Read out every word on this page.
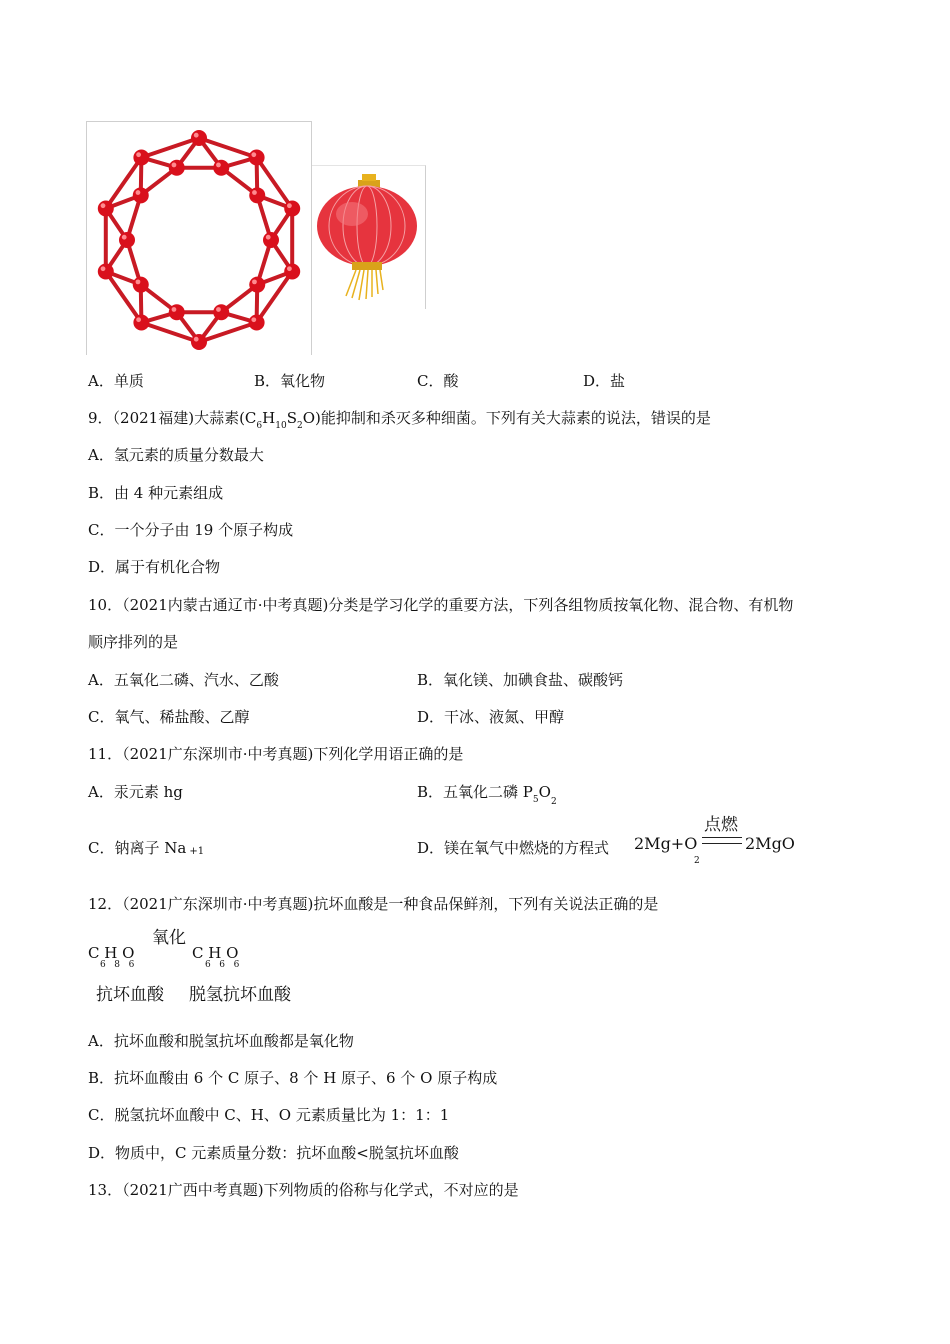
A．单质	B．氧化物	C．酸	D．盐
9．（2021福建)大蒜素$(C_6H_{10}S_2O)$能抑制和杀灭多种细菌。下列有关大蒜素的说法，错误的是
A．氢元素的质量分数最大
B．由 4 种元素组成
C．一个分子由 19 个原子构成
D．属于有机化合物
10．（2021内蒙古通辽市·中考真题)分类是学习化学的重要方法，下列各组物质按氧化物、混合物、有机物
顺序排列的是
A．五氧化二磷、汽水、乙酸	B．氧化镁、加碘食盐、碳酸钙
C．氧气、稀盐酸、乙醇	D．干冰、液氮、甲醇
11．（2021广东深圳市·中考真题)下列化学用语正确的是
A．汞元素 hg	B．五氧化二磷 $P_5O_2$
C．钠离子 Na +1	D．镁在氧气中燃烧的方程式 2Mg+O
2
点燃
2MgO
12．（2021广东深圳市·中考真题)抗坏血酸是一种食品保鲜剂，下列有关说法正确的是
C H O
6   8   6
氧化
C H O
6   6   6
抗坏血酸 脱氢抗坏血酸
A．抗坏血酸和脱氢抗坏血酸都是氧化物
B．抗坏血酸由 6 个 C 原子、8 个 H 原子、6 个 O 原子构成
C．脱氢抗坏血酸中 C、H、O 元素质量比为 1：1：1
D．物质中，C 元素质量分数：抗坏血酸<脱氢抗坏血酸
13．（2021广西中考真题)下列物质的俗称与化学式，不对应的是
